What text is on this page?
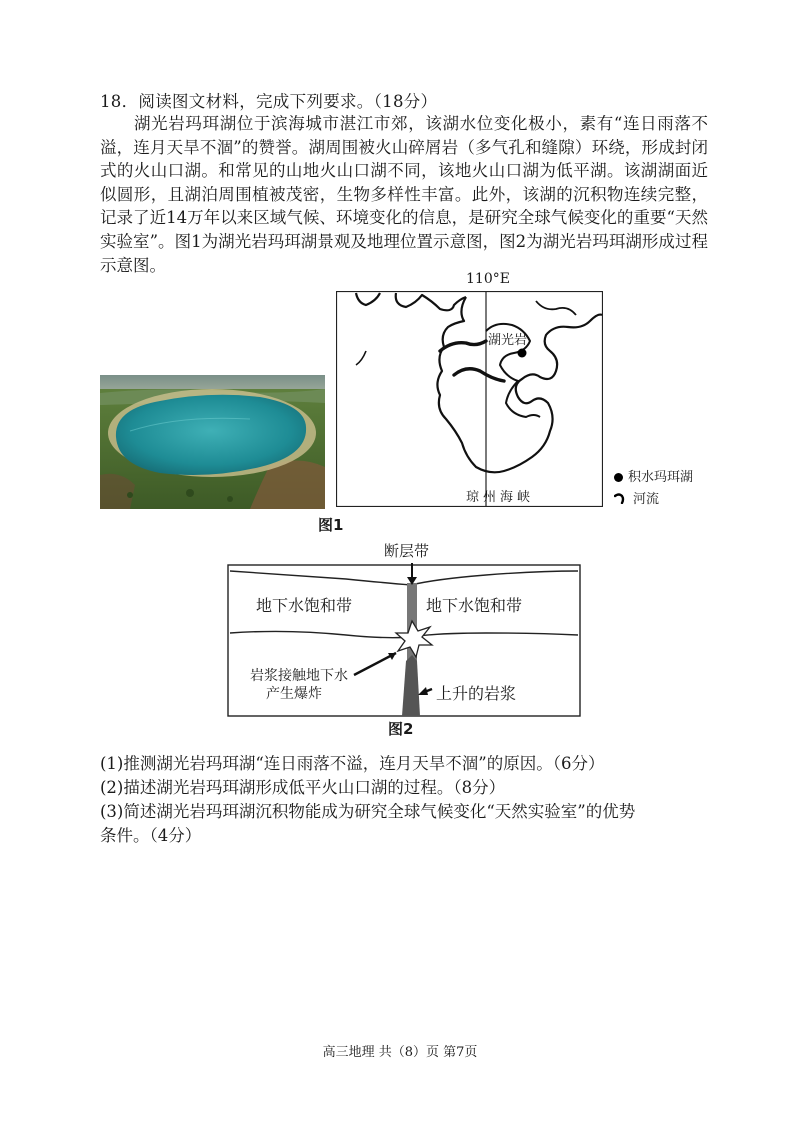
18．阅读图文材料，完成下列要求。（18分）
湖光岩玛珥湖位于滨海城市湛江市郊，该湖水位变化极小，素有“连日雨落不溢，连月天旱不涸”的赞誉。湖周围被火山碎屑岩（多气孔和缝隙）环绕，形成封闭式的火山口湖。和常见的山地火山口湖不同，该地火山口湖为低平湖。该湖湖面近似圆形，且湖泊周围植被茂密，生物多样性丰富。此外，该湖的沉积物连续完整，记录了近14万年以来区域气候、环境变化的信息，是研究全球气候变化的重要“天然实验室”。图1为湖光岩玛珥湖景观及地理位置示意图，图2为湖光岩玛珥湖形成过程示意图。
110°E
湖光岩
琼州海峡
积水玛珥湖
河流
图1
断层带
地下水饱和带	地下水饱和带
岩浆接触地下水
产生爆炸	上升的岩浆
图2
(1)推测湖光岩玛珥湖“连日雨落不溢，连月天旱不涸”的原因。（6分）
(2)描述湖光岩玛珥湖形成低平火山口湖的过程。（8分）
(3)简述湖光岩玛珥湖沉积物能成为研究全球气候变化“天然实验室”的优势
条件。（4分）
高三地理 共（8）页 第7页
